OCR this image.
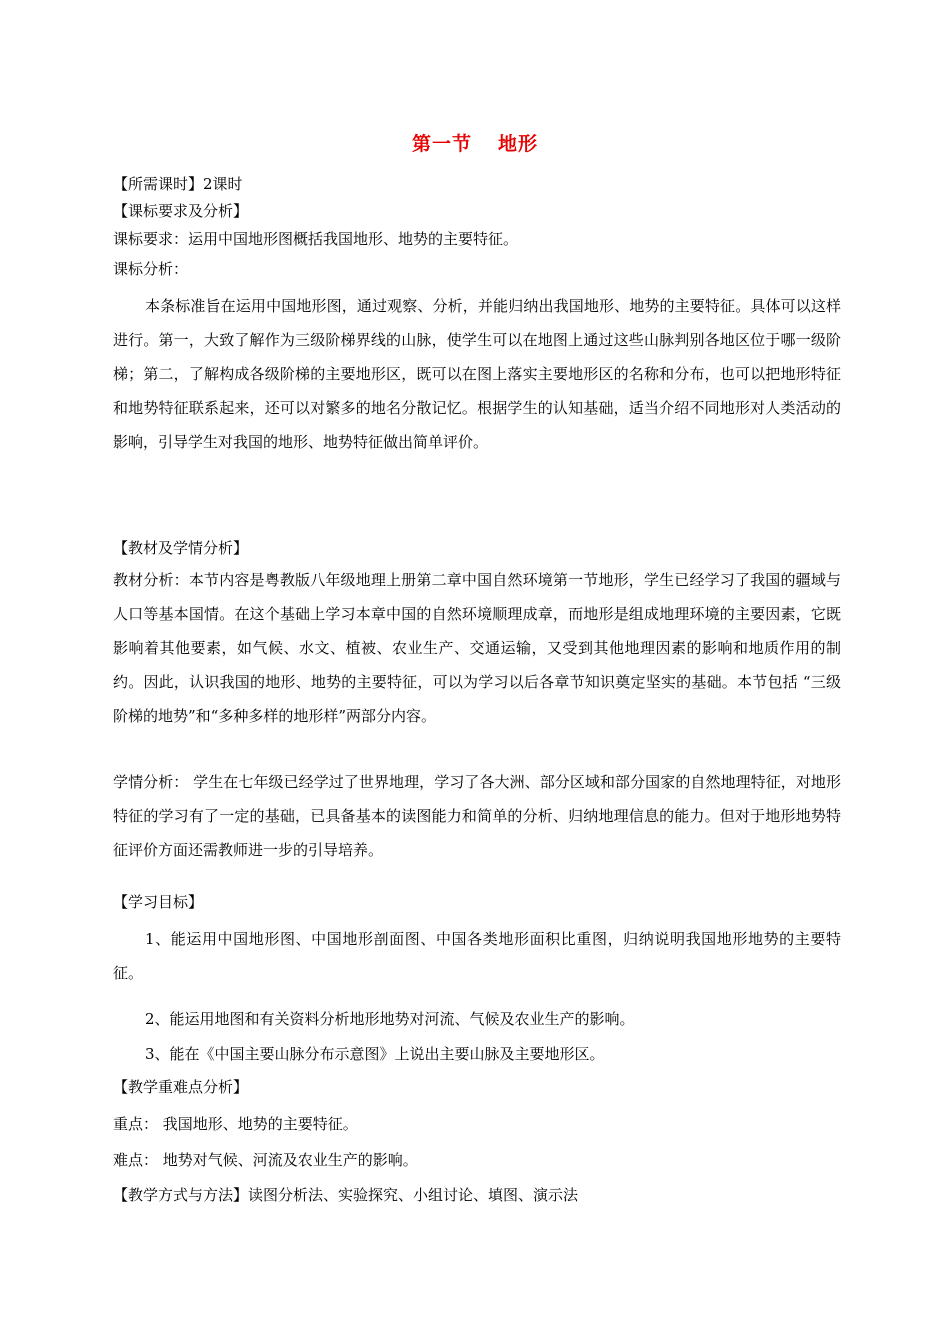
第一节 地形
【所需课时】2课时
【课标要求及分析】
课标要求：运用中国地形图概括我国地形、地势的主要特征。
课标分析：
本条标准旨在运用中国地形图，通过观察、分析，并能归纳出我国地形、地势的主要特征。具体可以这样进行。第一，大致了解作为三级阶梯界线的山脉，使学生可以在地图上通过这些山脉判别各地区位于哪一级阶梯；第二，了解构成各级阶梯的主要地形区，既可以在图上落实主要地形区的名称和分布，也可以把地形特征和地势特征联系起来，还可以对繁多的地名分散记忆。根据学生的认知基础，适当介绍不同地形对人类活动的影响，引导学生对我国的地形、地势特征做出简单评价。
【教材及学情分析】
教材分析：本节内容是粤教版八年级地理上册第二章中国自然环境第一节地形，学生已经学习了我国的疆域与人口等基本国情。在这个基础上学习本章中国的自然环境顺理成章，而地形是组成地理环境的主要因素，它既影响着其他要素，如气候、水文、植被、农业生产、交通运输，又受到其他地理因素的影响和地质作用的制约。因此，认识我国的地形、地势的主要特征，可以为学习以后各章节知识奠定坚实的基础。本节包括 “三级阶梯的地势”和“多种多样的地形样”两部分内容。
学情分析： 学生在七年级已经学过了世界地理，学习了各大洲、部分区域和部分国家的自然地理特征，对地形特征的学习有了一定的基础，已具备基本的读图能力和简单的分析、归纳地理信息的能力。但对于地形地势特征评价方面还需教师进一步的引导培养。
【学习目标】
1、能运用中国地形图、中国地形剖面图、中国各类地形面积比重图，归纳说明我国地形地势的主要特征。
2、能运用地图和有关资料分析地形地势对河流、气候及农业生产的影响。
3、能在《中国主要山脉分布示意图》上说出主要山脉及主要地形区。
【教学重难点分析】
重点： 我国地形、地势的主要特征。
难点： 地势对气候、河流及农业生产的影响。
【教学方式与方法】读图分析法、实验探究、小组讨论、填图、演示法
